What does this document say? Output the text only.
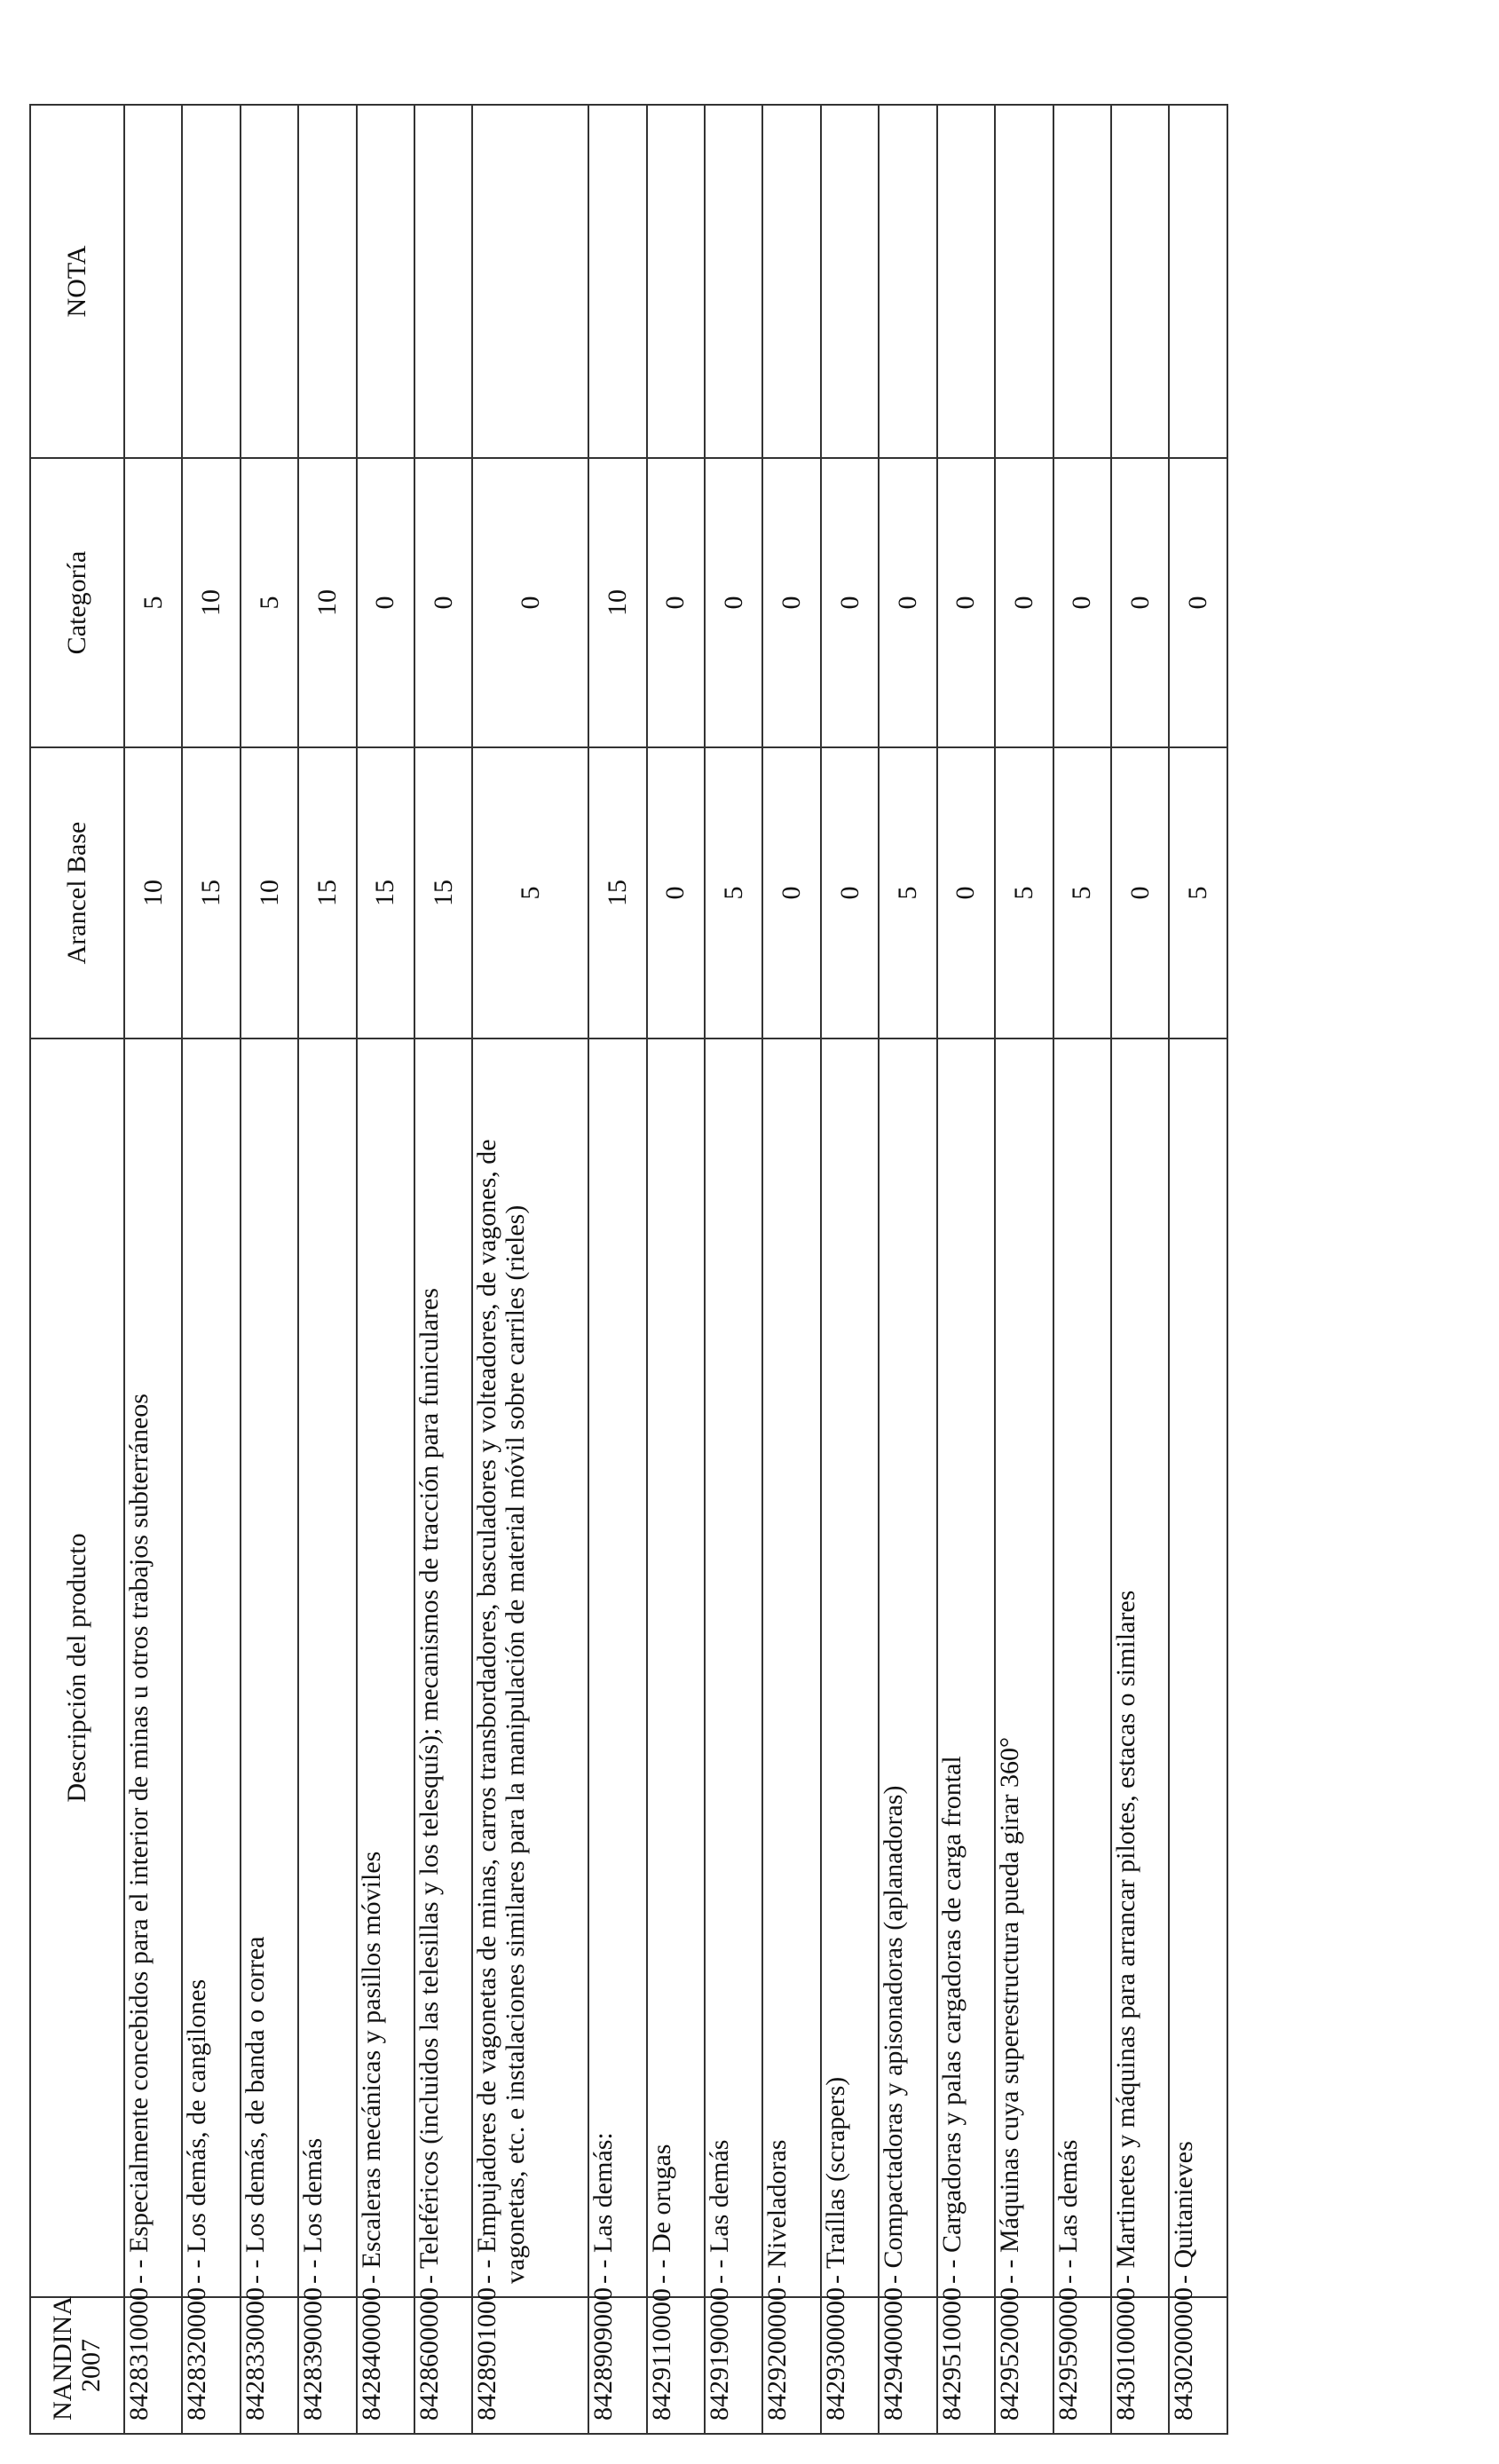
NANDINA 2007	Descripción del producto	Arancel Base	Categoría	NOTA
8428310000	- - Especialmente concebidos para el interior de minas u otros trabajos subterráneos	10	5	
8428320000	- - Los demás, de cangilones	15	10	
8428330000	- - Los demás, de banda o correa	10	5	
8428390000	- - Los demás	15	10	
8428400000	- Escaleras mecánicas y pasillos móviles	15	0	
8428600000	- Teleféricos (incluidos las telesillas y los telesquís); mecanismos de tracción para funiculares	15	0	
8428901000	- - Empujadores de vagonetas de minas, carros transbordadores, basculadores y volteadores, de vagones, de vagonetas, etc. e instalaciones similares para la manipulación de material móvil sobre carriles (rieles)	5	0	
8428909000	- - Las demás:	15	10	
8429110000	- - De orugas	0	0	
8429190000	- - Las demás	5	0	
8429200000	- Niveladoras	0	0	
8429300000	- Traíllas (scrapers)	0	0	
8429400000	- Compactadoras y apisonadoras (aplanadoras)	5	0	
8429510000	- - Cargadoras y palas cargadoras de carga frontal	0	0	
8429520000	- - Máquinas cuya superestructura pueda girar 360°	5	0	
8429590000	- - Las demás	5	0	
8430100000	- Martinetes y máquinas para arrancar pilotes, estacas o similares	0	0	
8430200000	- Quitanieves	5	0	
